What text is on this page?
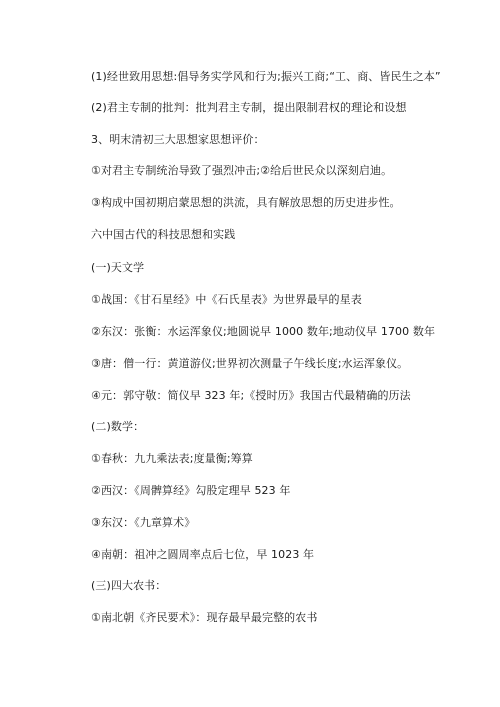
(1)经世致用思想:倡导务实学风和行为;振兴工商;“工、商、皆民生之本”
(2)君主专制的批判：批判君主专制，提出限制君权的理论和设想
3、明末清初三大思想家思想评价：
①对君主专制统治导致了强烈冲击;②给后世民众以深刻启迪。
③构成中国初期启蒙思想的洪流，具有解放思想的历史进步性。
六中国古代的科技思想和实践
(一)天文学
①战国：《甘石星经》中《石氏星表》为世界最早的星表
②东汉：张衡：水运浑象仪;地圆说早 1000 数年;地动仪早 1700 数年
③唐：僧一行：黄道游仪;世界初次测量子午线长度;水运浑象仪。
④元：郭守敬：简仪早 323 年;《授时历》我国古代最精确的历法
(二)数学：
①春秋：九九乘法表;度量衡;筹算
②西汉：《周髀算经》勾股定理早 523 年
③东汉：《九章算术》
④南朝：祖冲之圆周率点后七位，早 1023 年
(三)四大农书：
①南北朝《齐民要术》：现存最早最完整的农书
